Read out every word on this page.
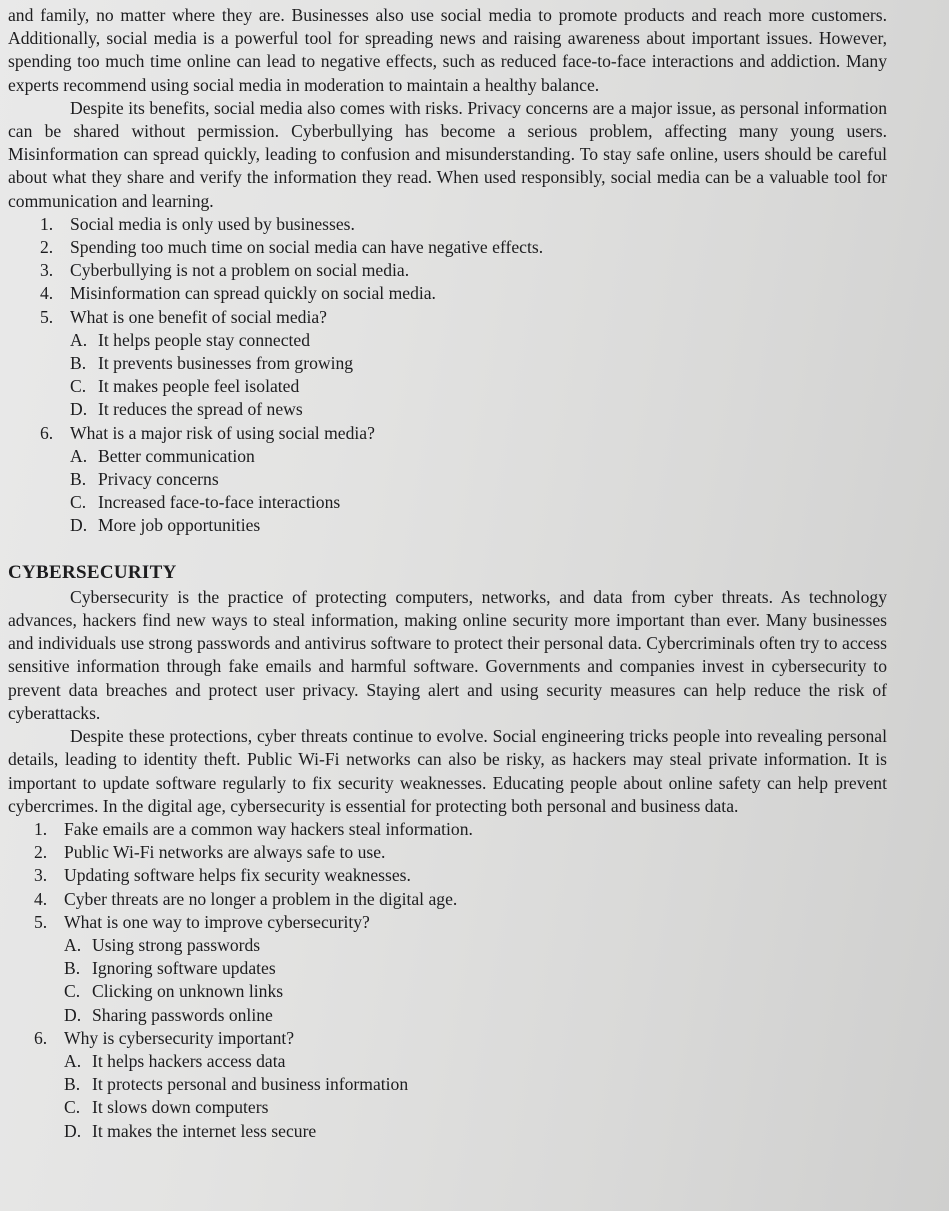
and family, no matter where they are. Businesses also use social media to promote products and reach more customers. Additionally, social media is a powerful tool for spreading news and raising awareness about important issues. However, spending too much time online can lead to negative effects, such as reduced face-to-face interactions and addiction. Many experts recommend using social media in moderation to maintain a healthy balance.

Despite its benefits, social media also comes with risks. Privacy concerns are a major issue, as personal information can be shared without permission. Cyberbullying has become a serious problem, affecting many young users. Misinformation can spread quickly, leading to confusion and misunderstanding. To stay safe online, users should be careful about what they share and verify the information they read. When used responsibly, social media can be a valuable tool for communication and learning.

1. Social media is only used by businesses.
2. Spending too much time on social media can have negative effects.
3. Cyberbullying is not a problem on social media.
4. Misinformation can spread quickly on social media.
5. What is one benefit of social media?
A. It helps people stay connected
B. It prevents businesses from growing
C. It makes people feel isolated
D. It reduces the spread of news
6. What is a major risk of using social media?
A. Better communication
B. Privacy concerns
C. Increased face-to-face interactions
D. More job opportunities
CYBERSECURITY

Cybersecurity is the practice of protecting computers, networks, and data from cyber threats. As technology advances, hackers find new ways to steal information, making online security more important than ever. Many businesses and individuals use strong passwords and antivirus software to protect their personal data. Cybercriminals often try to access sensitive information through fake emails and harmful software. Governments and companies invest in cybersecurity to prevent data breaches and protect user privacy. Staying alert and using security measures can help reduce the risk of cyberattacks.

Despite these protections, cyber threats continue to evolve. Social engineering tricks people into revealing personal details, leading to identity theft. Public Wi-Fi networks can also be risky, as hackers may steal private information. It is important to update software regularly to fix security weaknesses. Educating people about online safety can help prevent cybercrimes. In the digital age, cybersecurity is essential for protecting both personal and business data.

1. Fake emails are a common way hackers steal information.
2. Public Wi-Fi networks are always safe to use.
3. Updating software helps fix security weaknesses.
4. Cyber threats are no longer a problem in the digital age.
5. What is one way to improve cybersecurity?
A. Using strong passwords
B. Ignoring software updates
C. Clicking on unknown links
D. Sharing passwords online
6. Why is cybersecurity important?
A. It helps hackers access data
B. It protects personal and business information
C. It slows down computers
D. It makes the internet less secure
